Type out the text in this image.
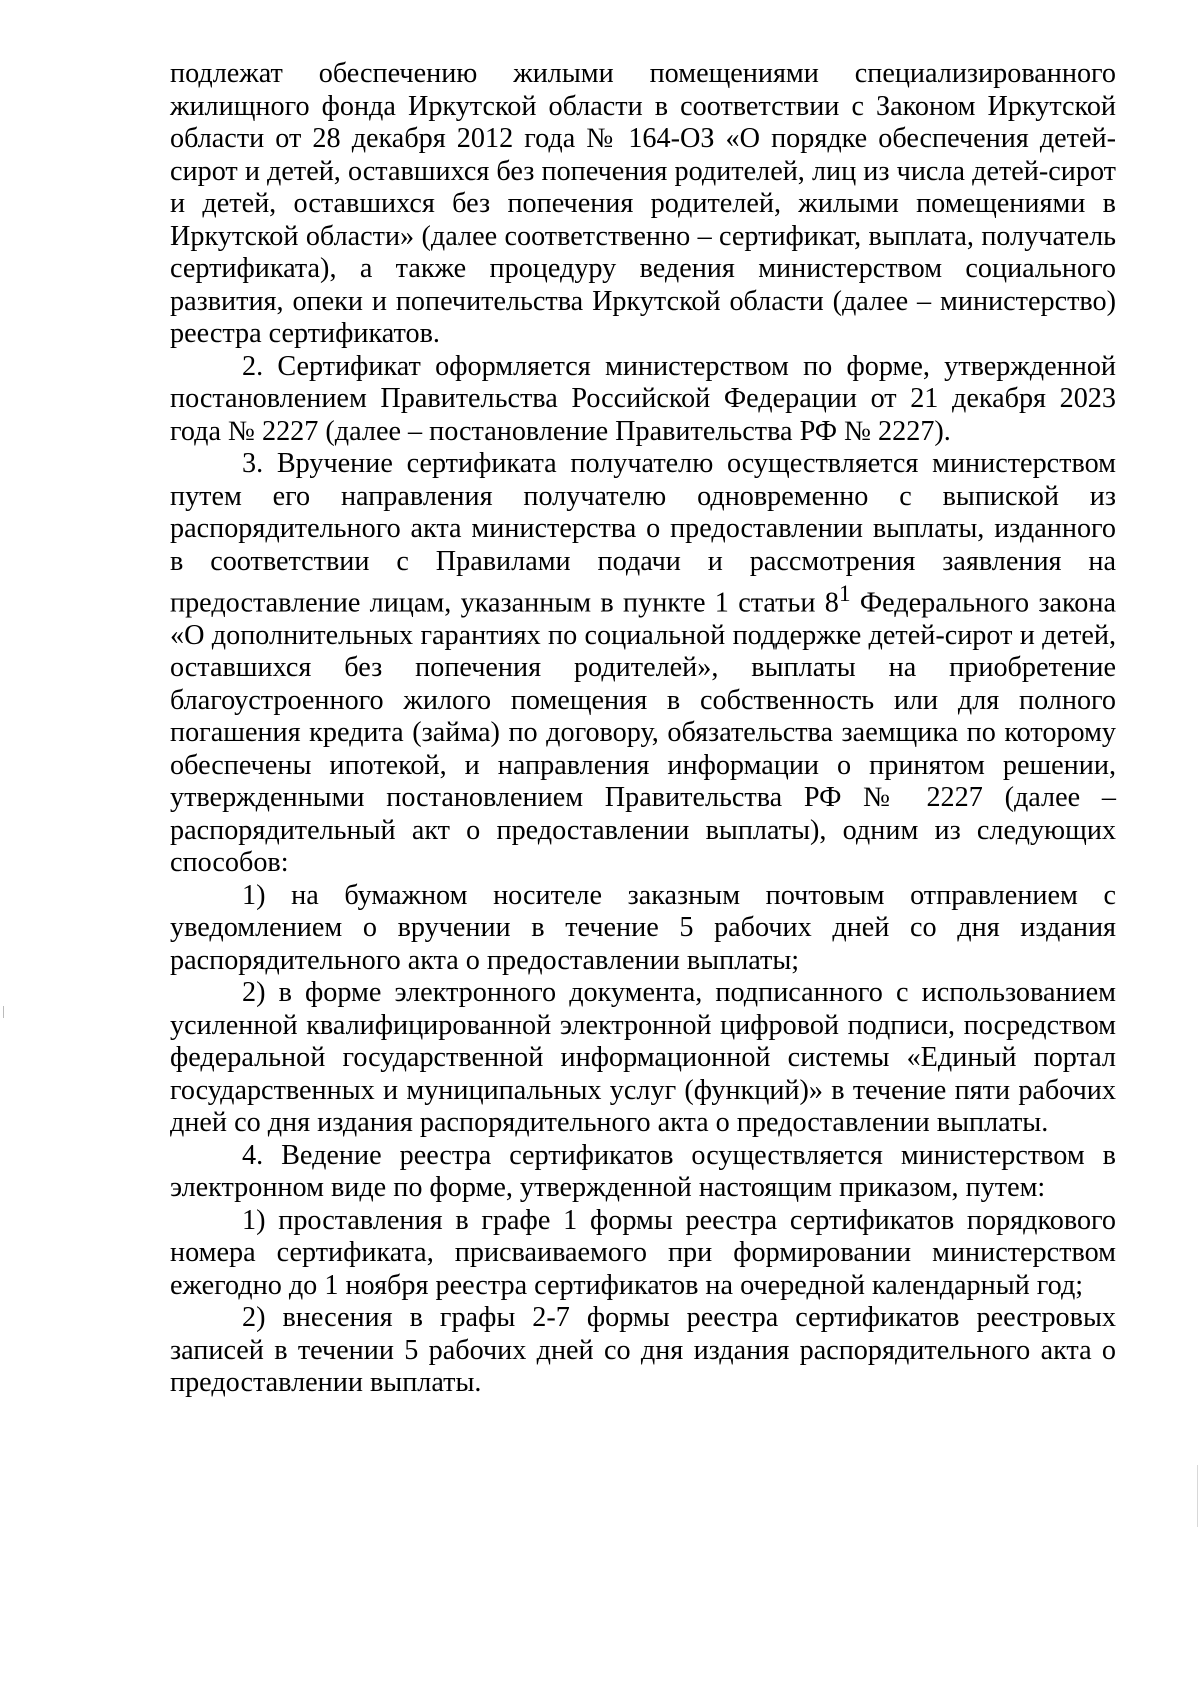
подлежат обеспечению жилыми помещениями специализированного жилищного фонда Иркутской области в соответствии с Законом Иркутской области от 28 декабря 2012 года № 164-ОЗ «О порядке обеспечения детей-сирот и детей, оставшихся без попечения родителей, лиц из числа детей-сирот и детей, оставшихся без попечения родителей, жилыми помещениями в Иркутской области» (далее соответственно – сертификат, выплата, получатель сертификата), а также процедуру ведения министерством социального развития, опеки и попечительства Иркутской области (далее – министерство) реестра сертификатов.

2. Сертификат оформляется министерством по форме, утвержденной постановлением Правительства Российской Федерации от 21 декабря 2023 года № 2227 (далее – постановление Правительства РФ № 2227).

3. Вручение сертификата получателю осуществляется министерством путем его направления получателю одновременно с выпиской из распорядительного акта министерства о предоставлении выплаты, изданного в соответствии с Правилами подачи и рассмотрения заявления на предоставление лицам, указанным в пункте 1 статьи $8^1$ Федерального закона «О дополнительных гарантиях по социальной поддержке детей-сирот и детей, оставшихся без попечения родителей», выплаты на приобретение благоустроенного жилого помещения в собственность или для полного погашения кредита (займа) по договору, обязательства заемщика по которому обеспечены ипотекой, и направления информации о принятом решении, утвержденными постановлением Правительства РФ № 2227 (далее – распорядительный акт о предоставлении выплаты), одним из следующих способов:

1) на бумажном носителе заказным почтовым отправлением с уведомлением о вручении в течение 5 рабочих дней со дня издания распорядительного акта о предоставлении выплаты;

2) в форме электронного документа, подписанного с использованием усиленной квалифицированной электронной цифровой подписи, посредством федеральной государственной информационной системы «Единый портал государственных и муниципальных услуг (функций)» в течение пяти рабочих дней со дня издания распорядительного акта о предоставлении выплаты.

4. Ведение реестра сертификатов осуществляется министерством в электронном виде по форме, утвержденной настоящим приказом, путем:

1) проставления в графе 1 формы реестра сертификатов порядкового номера сертификата, присваиваемого при формировании министерством ежегодно до 1 ноября реестра сертификатов на очередной календарный год;

2) внесения в графы 2-7 формы реестра сертификатов реестровых записей в течении 5 рабочих дней со дня издания распорядительного акта о предоставлении выплаты.
